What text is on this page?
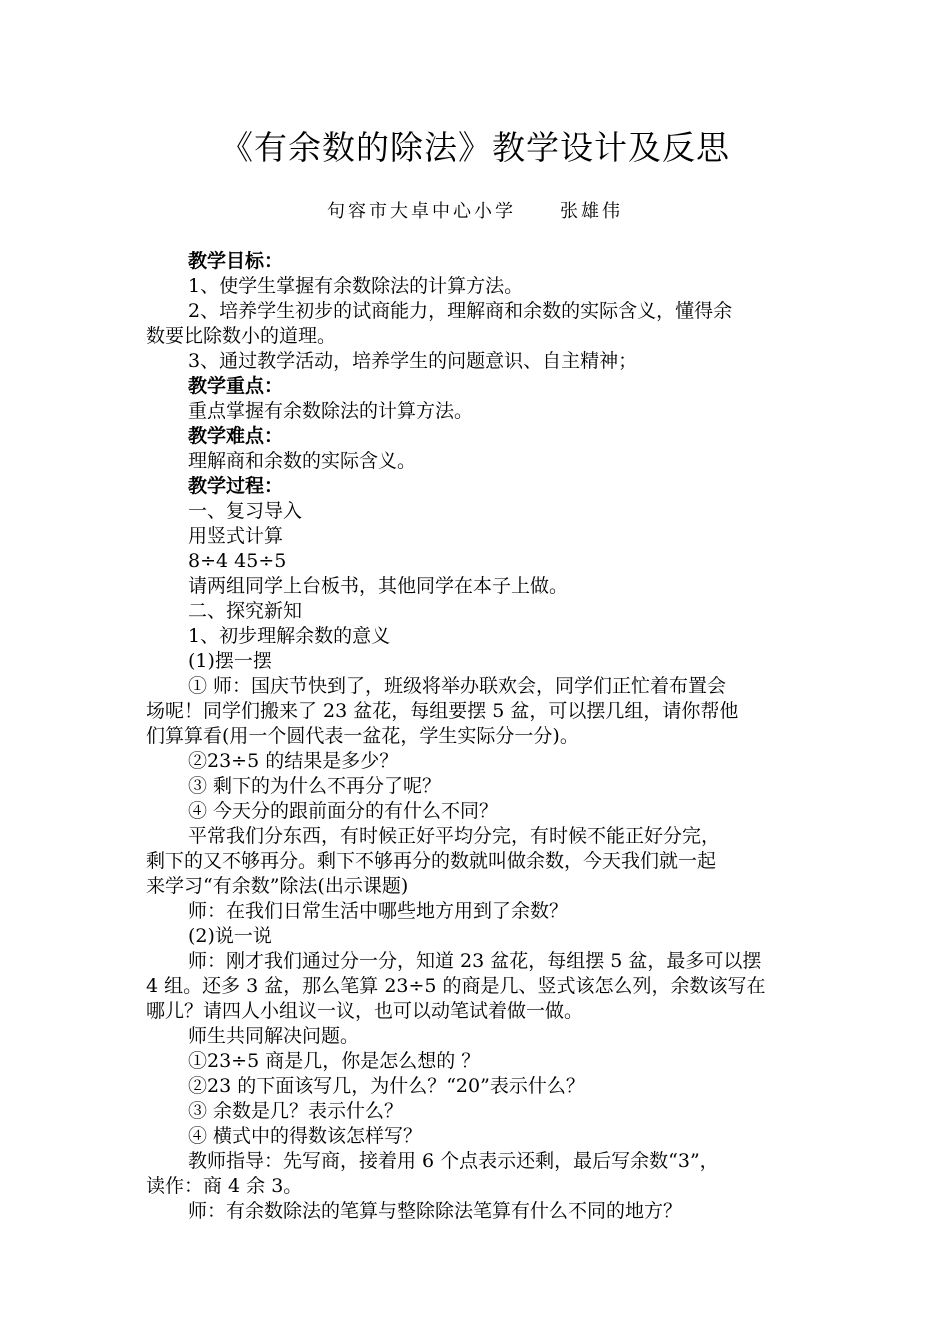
《有余数的除法》教学设计及反思
句容市大卓中心小学 张雄伟
教学目标：
1、使学生掌握有余数除法的计算方法。
2、培养学生初步的试商能力，理解商和余数的实际含义，懂得余
数要比除数小的道理。
3、通过教学活动，培养学生的问题意识、自主精神；
教学重点：
重点掌握有余数除法的计算方法。
教学难点：
理解商和余数的实际含义。
教学过程：
一、复习导入
用竖式计算
8÷4 45÷5
请两组同学上台板书，其他同学在本子上做。
二、探究新知
1、初步理解余数的意义
(1)摆一摆
① 师：国庆节快到了，班级将举办联欢会，同学们正忙着布置会
场呢！同学们搬来了 23 盆花，每组要摆 5 盆，可以摆几组，请你帮他
们算算看(用一个圆代表一盆花，学生实际分一分)。
②23÷5 的结果是多少？
③ 剩下的为什么不再分了呢？
④ 今天分的跟前面分的有什么不同？
平常我们分东西，有时候正好平均分完，有时候不能正好分完，
剩下的又不够再分。剩下不够再分的数就叫做余数，今天我们就一起
来学习“有余数”除法(出示课题)
师：在我们日常生活中哪些地方用到了余数？
(2)说一说
师：刚才我们通过分一分，知道 23 盆花，每组摆 5 盆，最多可以摆
4 组。还多 3 盆，那么笔算 23÷5 的商是几、竖式该怎么列，余数该写在
哪儿？请四人小组议一议，也可以动笔试着做一做。
师生共同解决问题。
①23÷5 商是几，你是怎么想的 ？
②23 的下面该写几，为什么？“20”表示什么？
③ 余数是几？表示什么？
④ 横式中的得数该怎样写？
教师指导：先写商，接着用 6 个点表示还剩，最后写余数“3”，
读作：商 4 余 3。
师：有余数除法的笔算与整除除法笔算有什么不同的地方？
